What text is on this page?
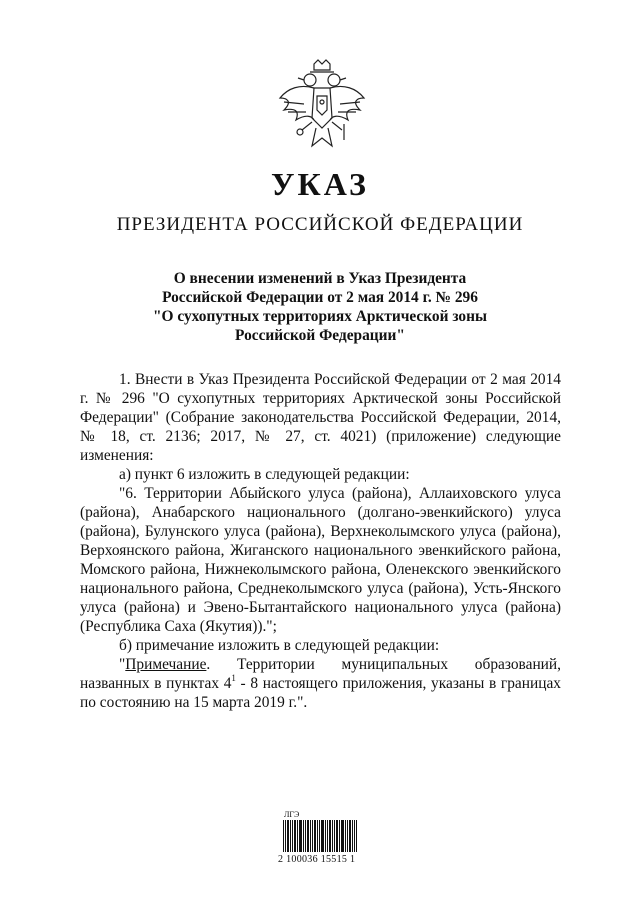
УКАЗ
ПРЕЗИДЕНТА РОССИЙСКОЙ ФЕДЕРАЦИИ
О внесении изменений в Указ Президента
Российской Федерации от 2 мая 2014 г. № 296
"О сухопутных территориях Арктической зоны
Российской Федерации"
1. Внести в Указ Президента Российской Федерации от 2 мая 2014 г. № 296 "О сухопутных территориях Арктической зоны Российской Федерации" (Собрание законодательства Российской Федерации, 2014, № 18, ст. 2136; 2017, № 27, ст. 4021) (приложение) следующие изменения:
а) пункт 6 изложить в следующей редакции:
"6. Территории Абыйского улуса (района), Аллаиховского улуса (района), Анабарского национального (долгано-эвенкийского) улуса (района), Булунского улуса (района), Верхнеколымского улуса (района), Верхоянского района, Жиганского национального эвенкийского района, Момского района, Нижнеколымского района, Оленекского эвенкийского национального района, Среднеколымского улуса (района), Усть-Янского улуса (района) и Эвено-Бытантайского национального улуса (района) (Республика Саха (Якутия)).";
б) примечание изложить в следующей редакции:
"Примечание. Территории муниципальных образований, названных в пунктах $4^1 - 8$ настоящего приложения, указаны в границах по состоянию на 15 марта 2019 г.".
ЛГЭ
2 100036 15515 1
